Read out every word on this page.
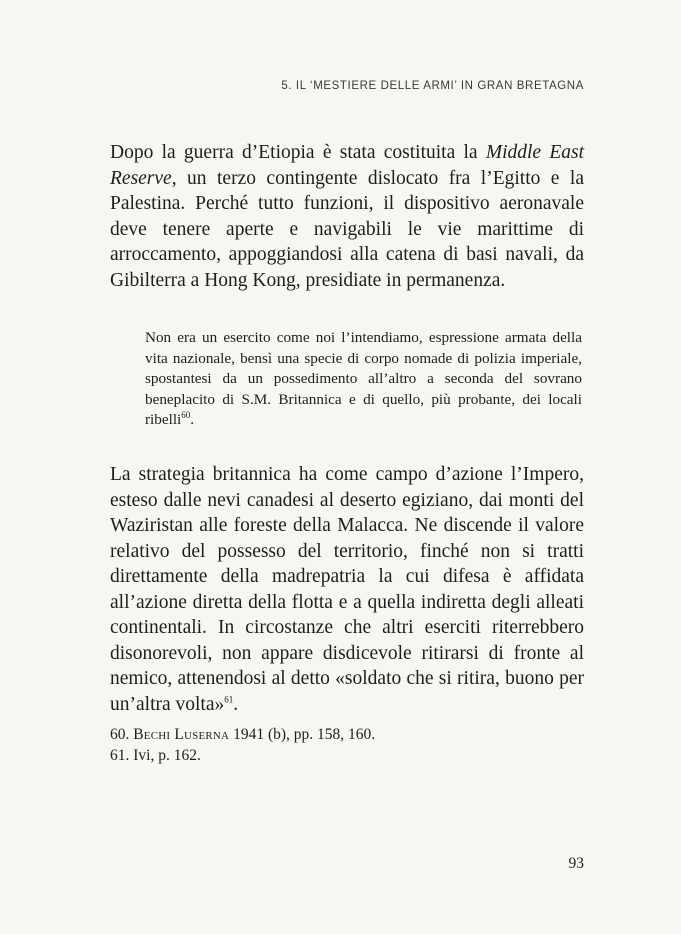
5. IL ‘MESTIERE DELLE ARMI’ IN GRAN BRETAGNA
Dopo la guerra d’Etiopia è stata costituita la Middle East Reserve, un terzo contingente dislocato fra l’Egitto e la Palestina. Perché tutto funzioni, il dispositivo aeronavale deve tenere aperte e navigabili le vie marittime di arroccamento, appoggiandosi alla catena di basi navali, da Gibilterra a Hong Kong, presidiate in permanenza.
Non era un esercito come noi l’intendiamo, espressione armata della vita nazionale, bensì una specie di corpo nomade di polizia imperiale, spostantesi da un possedimento all’altro a seconda del sovrano beneplacito di S.M. Britannica e di quello, più probante, dei locali ribelli$^{60}$.
La strategia britannica ha come campo d’azione l’Impero, esteso dalle nevi canadesi al deserto egiziano, dai monti del Waziristan alle foreste della Malacca. Ne discende il valore relativo del possesso del territorio, finché non si tratti direttamente della madrepatria la cui difesa è affidata all’azione diretta della flotta e a quella indiretta degli alleati continentali. In circostanze che altri eserciti riterrebbero disonorevoli, non appare disdicevole ritirarsi di fronte al nemico, attenendosi al detto «soldato che si ritira, buono per un’altra volta»$^{61}$.
60. Bechi Luserna 1941 (b), pp. 158, 160.
61. Ivi, p. 162.
93
